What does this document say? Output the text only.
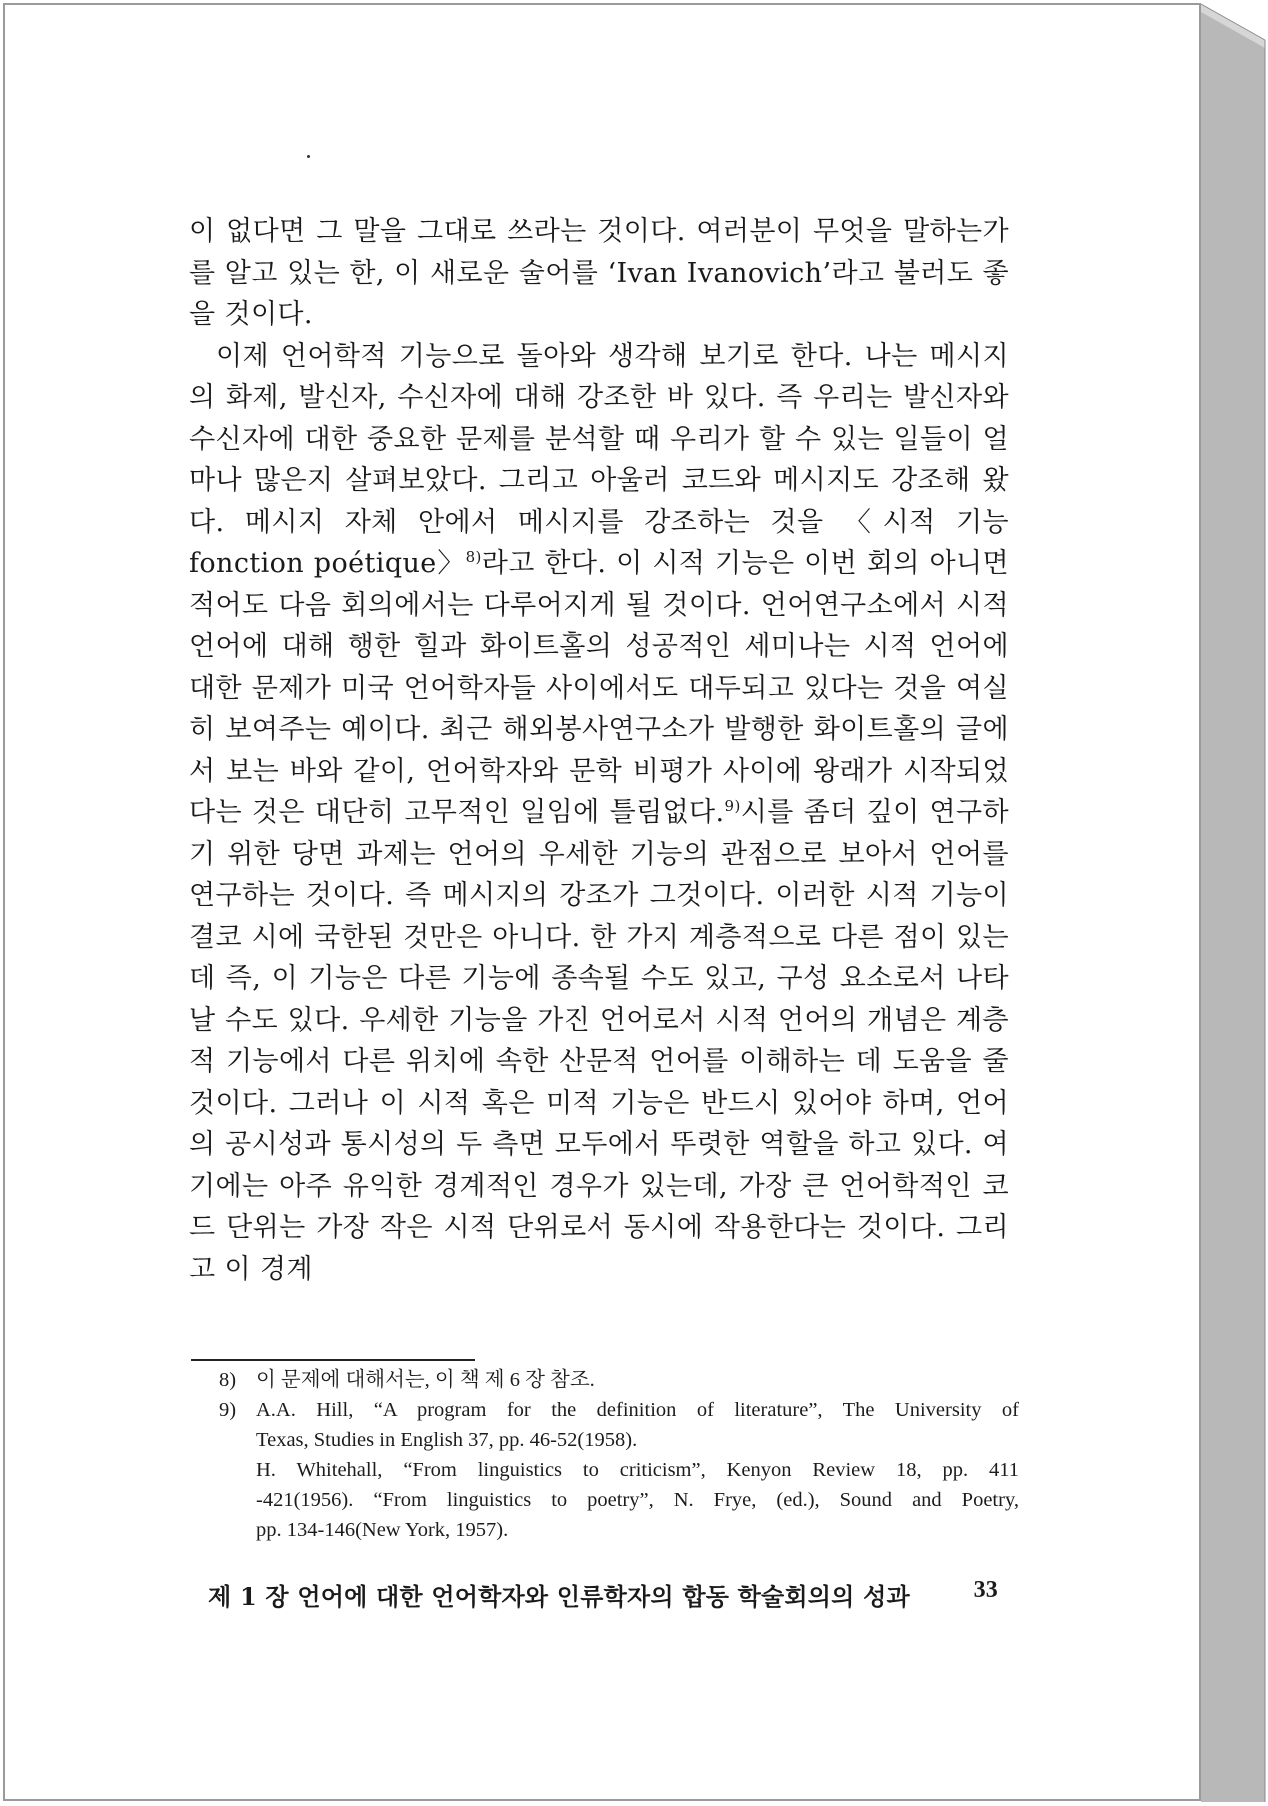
이 없다면 그 말을 그대로 쓰라는 것이다. 여러분이 무엇을 말하는가를 알고 있는 한, 이 새로운 술어를 ‘Ivan Ivanovich’라고 불러도 좋을 것이다.

이제 언어학적 기능으로 돌아와 생각해 보기로 한다. 나는 메시지의 화제, 발신자, 수신자에 대해 강조한 바 있다. 즉 우리는 발신자와 수신자에 대한 중요한 문제를 분석할 때 우리가 할 수 있는 일들이 얼마나 많은지 살펴보았다. 그리고 아울러 코드와 메시지도 강조해 왔다. 메시지 자체 안에서 메시지를 강조하는 것을 〈시적 기능 fonction poétique〉$^{8)}$라고 한다. 이 시적 기능은 이번 회의 아니면 적어도 다음 회의에서는 다루어지게 될 것이다. 언어연구소에서 시적 언어에 대해 행한 힐과 화이트홀의 성공적인 세미나는 시적 언어에 대한 문제가 미국 언어학자들 사이에서도 대두되고 있다는 것을 여실히 보여주는 예이다. 최근 해외봉사연구소가 발행한 화이트홀의 글에서 보는 바와 같이, 언어학자와 문학 비평가 사이에 왕래가 시작되었다는 것은 대단히 고무적인 일임에 틀림없다.$^{9)}$시를 좀더 깊이 연구하기 위한 당면 과제는 언어의 우세한 기능의 관점으로 보아서 언어를 연구하는 것이다. 즉 메시지의 강조가 그것이다. 이러한 시적 기능이 결코 시에 국한된 것만은 아니다. 한 가지 계층적으로 다른 점이 있는데 즉, 이 기능은 다른 기능에 종속될 수도 있고, 구성 요소로서 나타날 수도 있다. 우세한 기능을 가진 언어로서 시적 언어의 개념은 계층적 기능에서 다른 위치에 속한 산문적 언어를 이해하는 데 도움을 줄 것이다. 그러나 이 시적 혹은 미적 기능은 반드시 있어야 하며, 언어의 공시성과 통시성의 두 측면 모두에서 뚜렷한 역할을 하고 있다. 여기에는 아주 유익한 경계적인 경우가 있는데, 가장 큰 언어학적인 코드 단위는 가장 작은 시적 단위로서 동시에 작용한다는 것이다. 그리고 이 경계

8) 이 문제에 대해서는, 이 책 제 6 장 참조.
9) A.A. Hill, “A program for the definition of literature”, The University of
Texas, Studies in English 37, pp. 46-52(1958).
H. Whitehall, “From linguistics to criticism”, Kenyon Review 18, pp. 411
-421(1956). “From linguistics to poetry”, N. Frye, (ed.), Sound and Poetry,
pp. 134-146(New York, 1957).
제 1 장 언어에 대한 언어학자와 인류학자의 합동 학술회의의 성과	33
